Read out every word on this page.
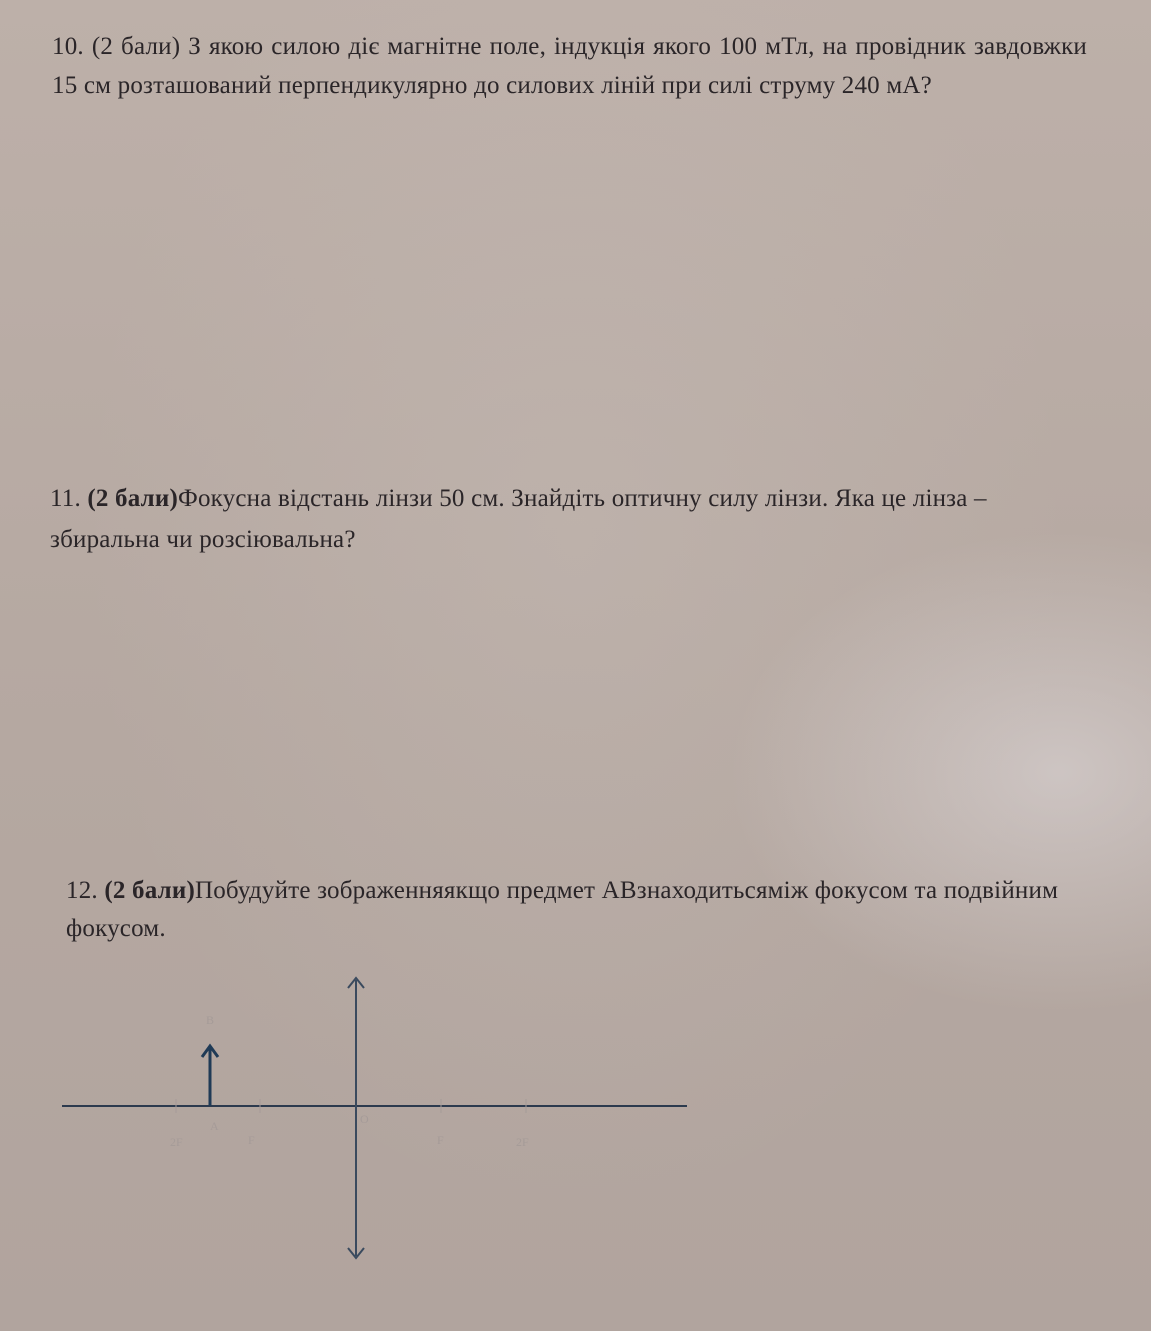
10. (2 бали) З якою силою діє магнітне поле, індукція якого 100 мТл, на провідник завдовжки 15 см розташований перпендикулярно до силових ліній при силі струму 240 мА?
11. (2 бали)Фокусна відстань лінзи 50 см. Знайдіть оптичну силу лінзи. Яка це лінза – збиральна чи розсіювальна?
12. (2 бали)Побудуйте зображенняякщо предмет АВзнаходитьсяміж фокусом та подвійним фокусом.
B
A
2F	F
O
F	2F
